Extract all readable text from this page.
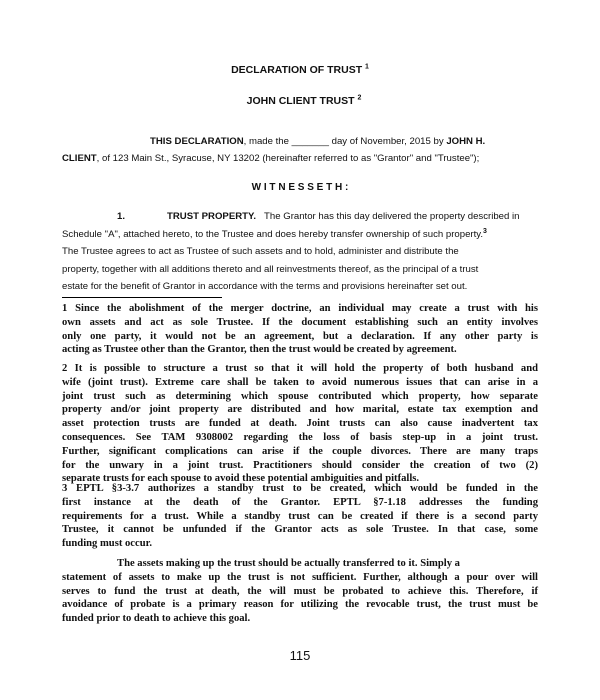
DECLARATION OF TRUST $^1$
JOHN CLIENT TRUST $^2$
THIS DECLARATION, made the _______ day of November, 2015 by JOHN H.
CLIENT, of 123 Main St., Syracuse, NY 13202 (hereinafter referred to as "Grantor" and "Trustee");
W I T N E S S E T H :
1.	TRUST PROPERTY. The Grantor has this day delivered the property described in
Schedule "A", attached hereto, to the Trustee and does hereby transfer ownership of such property.$^3$
The Trustee agrees to act as Trustee of such assets and to hold, administer and distribute the
property, together with all additions thereto and all reinvestments thereof, as the principal of a trust
estate for the benefit of Grantor in accordance with the terms and provisions hereinafter set out.
1 Since the abolishment of the merger doctrine, an individual may create a trust with his
own assets and act as sole Trustee. If the document establishing such an entity involves
only one party, it would not be an agreement, but a declaration. If any other party is
acting as Trustee other than the Grantor, then the trust would be created by agreement.
2 It is possible to structure a trust so that it will hold the property of both husband and
wife (joint trust). Extreme care shall be taken to avoid numerous issues that can arise in a
joint trust such as determining which spouse contributed which property, how separate
property and/or joint property are distributed and how marital, estate tax exemption and
asset protection trusts are funded at death. Joint trusts can also cause inadvertent tax
consequences. See TAM 9308002 regarding the loss of basis step-up in a joint trust.
Further, significant complications can arise if the couple divorces. There are many traps
for the unwary in a joint trust. Practitioners should consider the creation of two (2)
separate trusts for each spouse to avoid these potential ambiguities and pitfalls.
3 EPTL §3-3.7 authorizes a standby trust to be created, which would be funded in the
first instance at the death of the Grantor. EPTL §7-1.18 addresses the funding
requirements for a trust. While a standby trust can be created if there is a second party
Trustee, it cannot be unfunded if the Grantor acts as sole Trustee. In that case, some
funding must occur.
The assets making up the trust should be actually transferred to it. Simply a
statement of assets to make up the trust is not sufficient. Further, although a pour over will
serves to fund the trust at death, the will must be probated to achieve this. Therefore, if
avoidance of probate is a primary reason for utilizing the revocable trust, the trust must be
funded prior to death to achieve this goal.
115
